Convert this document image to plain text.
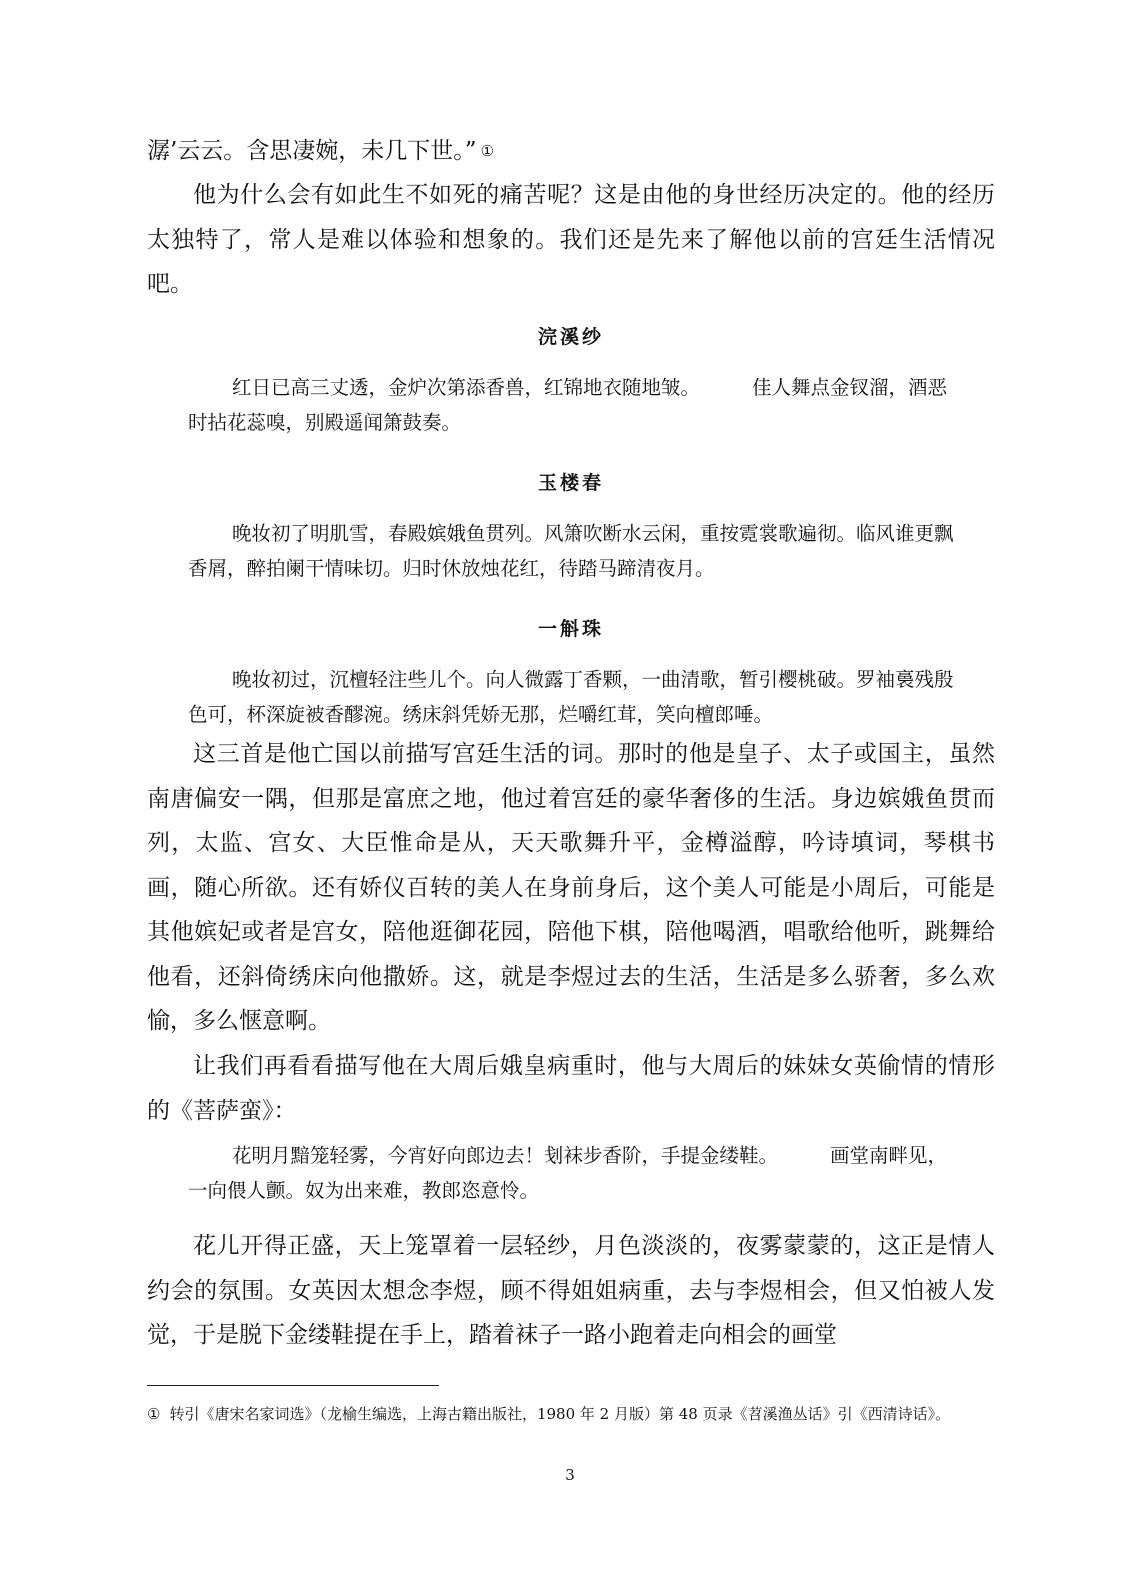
潺’云云。含思凄婉，未几下世。” ①

他为什么会有如此生不如死的痛苦呢？这是由他的身世经历决定的。他的经历太独特了，常人是难以体验和想象的。我们还是先来了解他以前的宫廷生活情况吧。

浣溪纱

红日已高三丈透，金炉次第添香兽，红锦地衣随地皱。	佳人舞点金钗溜，酒恶时拈花蕊嗅，别殿遥闻箫鼓奏。

玉楼春

晚妆初了明肌雪，春殿嫔娥鱼贯列。风箫吹断水云闲，重按霓裳歌遍彻。临风谁更飘香屑，醉拍阑干情味切。归时休放烛花红，待踏马蹄清夜月。

一斛珠

晚妆初过，沉檀轻注些儿个。向人微露丁香颗，一曲清歌，暂引樱桃破。罗袖裛残殷色可，杯深旋被香醪涴。绣床斜凭娇无那，烂嚼红茸，笑向檀郎唾。

这三首是他亡国以前描写宫廷生活的词。那时的他是皇子、太子或国主，虽然南唐偏安一隅，但那是富庶之地，他过着宫廷的豪华奢侈的生活。身边嫔娥鱼贯而列，太监、宫女、大臣惟命是从，天天歌舞升平，金樽溢醇，吟诗填词，琴棋书画，随心所欲。还有娇仪百转的美人在身前身后，这个美人可能是小周后，可能是其他嫔妃或者是宫女，陪他逛御花园，陪他下棋，陪他喝酒，唱歌给他听，跳舞给他看，还斜倚绣床向他撒娇。这，就是李煜过去的生活，生活是多么骄奢，多么欢愉，多么惬意啊。

让我们再看看描写他在大周后娥皇病重时，他与大周后的妹妹女英偷情的情形的《菩萨蛮》：

花明月黯笼轻雾，今宵好向郎边去！刬袜步香阶，手提金缕鞋。	画堂南畔见，一向偎人颤。奴为出来难，教郎恣意怜。

花儿开得正盛，天上笼罩着一层轻纱，月色淡淡的，夜雾蒙蒙的，这正是情人约会的氛围。女英因太想念李煜，顾不得姐姐病重，去与李煜相会，但又怕被人发觉，于是脱下金缕鞋提在手上，踏着袜子一路小跑着走向相会的画堂

① 转引《唐宋名家词选》（龙榆生编选，上海古籍出版社，1980 年 2 月版）第 48 页录《苕溪渔丛话》引《西清诗话》。

3
